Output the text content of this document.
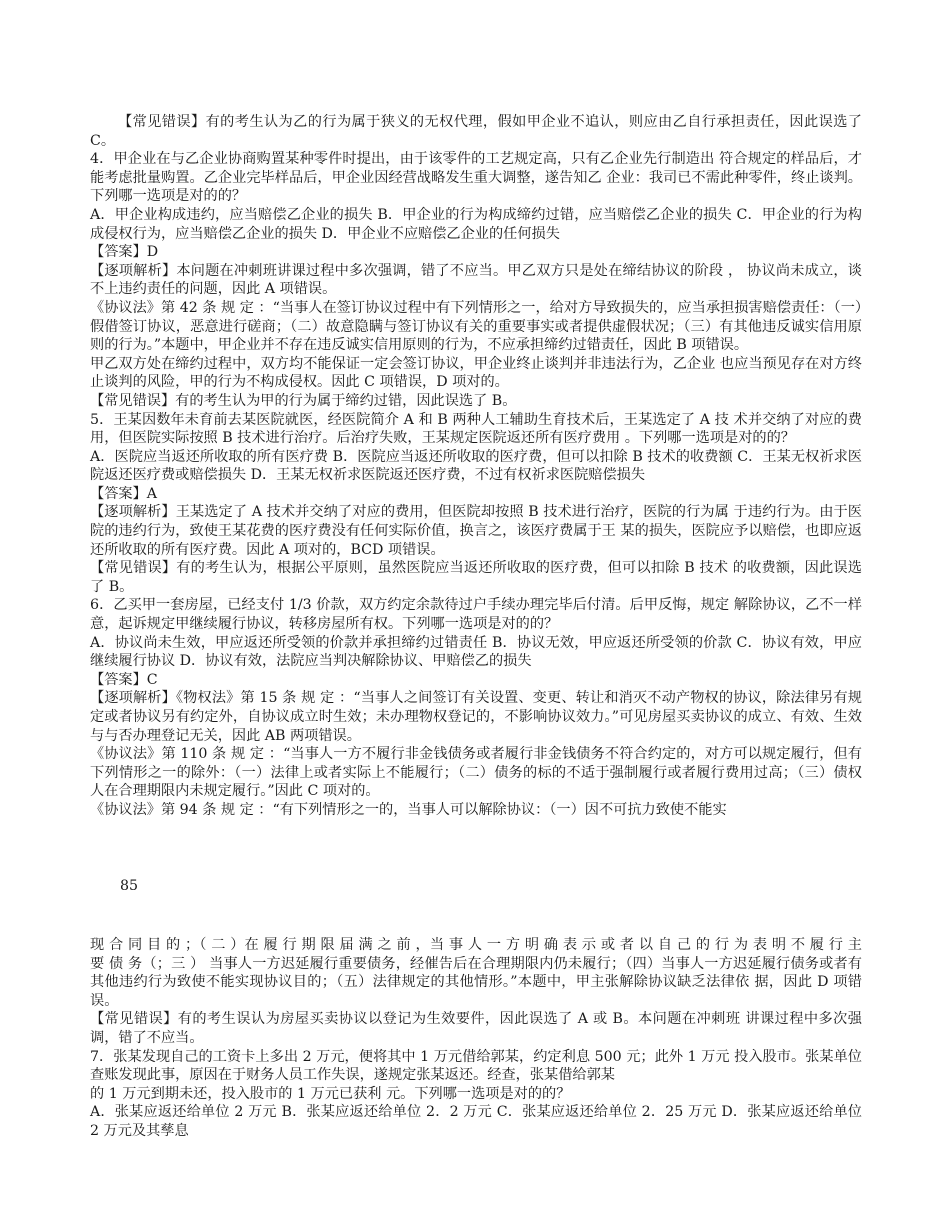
【常见错误】有的考生认为乙的行为属于狭义的无权代理，假如甲企业不追认，则应由乙自行承担责任，因此误选了 C。

4．甲企业在与乙企业协商购置某种零件时提出，由于该零件的工艺规定高，只有乙企业先行制造出 符合规定的样品后，才能考虑批量购置。乙企业完毕样品后，甲企业因经营战略发生重大调整，遂告知乙 企业：我司已不需此种零件，终止谈判。下列哪一选项是对的的？

A．甲企业构成违约，应当赔偿乙企业的损失 B．甲企业的行为构成缔约过错，应当赔偿乙企业的损失 C．甲企业的行为构成侵权行为，应当赔偿乙企业的损失 D．甲企业不应赔偿乙企业的任何损失

【答案】D

【逐项解析】本问题在冲刺班讲课过程中多次强调，错了不应当。甲乙双方只是处在缔结协议的阶段 ， 协议尚未成立，谈不上违约责任的问题，因此 A 项错误。

《协议法》第 42 条 规 定 ：“当事人在签订协议过程中有下列情形之一，给对方导致损失的，应当承担损害赔偿责任：（一）假借签订协议，恶意进行磋商；（二）故意隐瞒与签订协议有关的重要事实或者提供虚假状况；（三）有其他违反诚实信用原则的行为。”本题中，甲企业并不存在违反诚实信用原则的行为，不应承担缔约过错责任，因此 B 项错误。

甲乙双方处在缔约过程中，双方均不能保证一定会签订协议，甲企业终止谈判并非违法行为，乙企业 也应当预见存在对方终止谈判的风险，甲的行为不构成侵权。因此 C 项错误，D 项对的。

【常见错误】有的考生认为甲的行为属于缔约过错，因此误选了 B。

5．王某因数年未育前去某医院就医，经医院简介 A 和 B 两种人工辅助生育技术后，王某选定了 A 技 术并交纳了对应的费用，但医院实际按照 B 技术进行治疗。后治疗失败，王某规定医院返还所有医疗费用 。下列哪一选项是对的的？

A．医院应当返还所收取的所有医疗费 B．医院应当返还所收取的医疗费，但可以扣除 B 技术的收费额 C．王某无权祈求医院返还医疗费或赔偿损失 D．王某无权祈求医院返还医疗费，不过有权祈求医院赔偿损失

【答案】A

【逐项解析】王某选定了 A 技术并交纳了对应的费用，但医院却按照 B 技术进行治疗，医院的行为属 于违约行为。由于医院的违约行为，致使王某花费的医疗费没有任何实际价值，换言之，该医疗费属于王 某的损失，医院应予以赔偿，也即应返还所收取的所有医疗费。因此 A 项对的，BCD 项错误。

【常见错误】有的考生认为，根据公平原则，虽然医院应当返还所收取的医疗费，但可以扣除 B 技术 的收费额，因此误选了 B。

6．乙买甲一套房屋，已经支付 1/3 价款，双方约定余款待过户手续办理完毕后付清。后甲反悔，规定 解除协议，乙不一样意，起诉规定甲继续履行协议，转移房屋所有权。下列哪一选项是对的的？

A．协议尚未生效，甲应返还所受领的价款并承担缔约过错责任 B．协议无效，甲应返还所受领的价款 C．协议有效，甲应继续履行协议 D．协议有效，法院应当判决解除协议、甲赔偿乙的损失

【答案】C

【逐项解析】《物权法》第 15 条 规 定 ：“当事人之间签订有关设置、变更、转让和消灭不动产物权的协议，除法律另有规定或者协议另有约定外，自协议成立时生效；未办理物权登记的，不影响协议效力。”可见房屋买卖协议的成立、有效、生效与与否办理登记无关，因此 AB 两项错误。

《协议法》第 110 条 规 定 ：“当事人一方不履行非金钱债务或者履行非金钱债务不符合约定的，对方可以规定履行，但有下列情形之一的除外：（一）法律上或者实际上不能履行；（二）债务的标的不适于强制履行或者履行费用过高；（三）债权人在合理期限内未规定履行。”因此 C 项对的。

《协议法》第 94 条 规 定 ：“有下列情形之一的，当事人可以解除协议：（一）因不可抗力致使不能实

85

现 合 同 目 的 ；（ 二 ）在 履 行 期 限 届 满 之 前 ，当 事 人 一 方 明 确 表 示 或 者 以 自 己 的 行 为 表 明 不 履 行 主 要 债 务（；三 ） 当事人一方迟延履行重要债务，经催告后在合理期限内仍未履行；（四）当事人一方迟延履行债务或者有 其他违约行为致使不能实现协议目的；（五）法律规定的其他情形。”本题中，甲主张解除协议缺乏法律依 据，因此 D 项错误。

【常见错误】有的考生误认为房屋买卖协议以登记为生效要件，因此误选了 A 或 B。本问题在冲刺班 讲课过程中多次强调，错了不应当。

7．张某发现自己的工资卡上多出 2 万元，便将其中 1 万元借给郭某，约定利息 500 元；此外 1 万元 投入股市。张某单位查账发现此事，原因在于财务人员工作失误，遂规定张某返还。经查，张某借给郭某

的 1 万元到期未还，投入股市的 1 万元已获利 元。下列哪一选项是对的的？

A．张某应返还给单位 2 万元 B．张某应返还给单位 2．2 万元 C．张某应返还给单位 2．25 万元 D．张某应返还给单位 2 万元及其孳息
